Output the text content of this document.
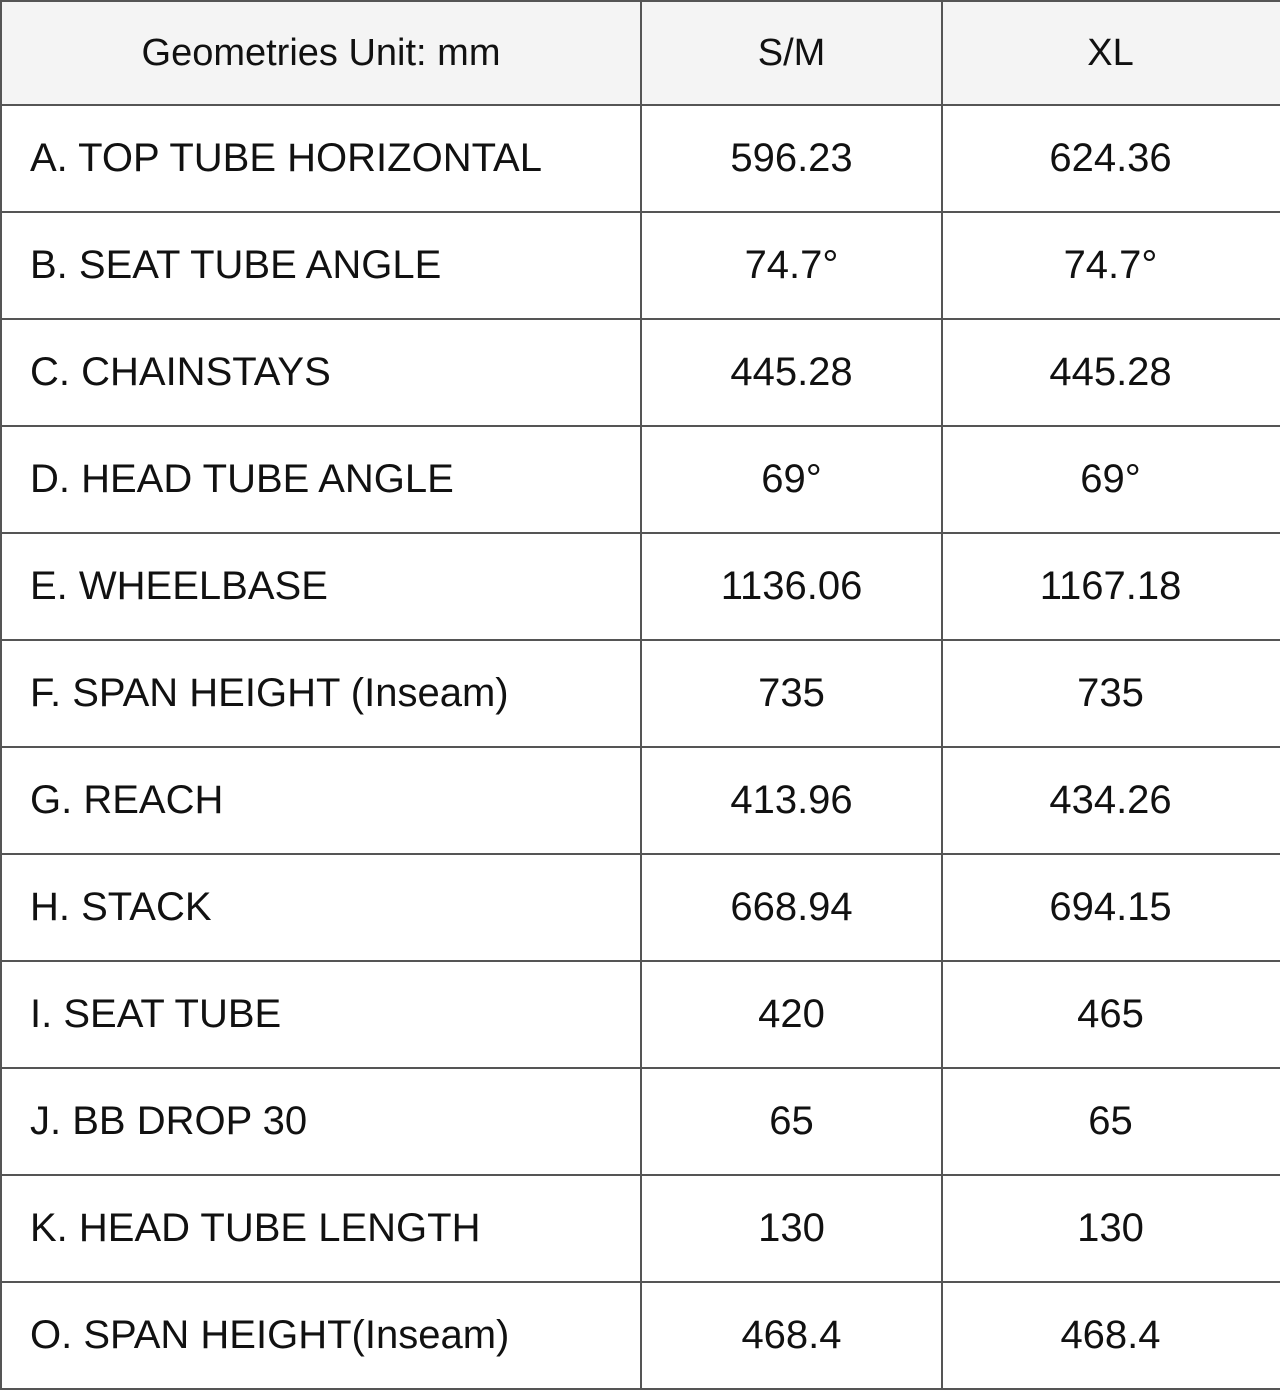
Geometries Unit: mm	S/M	XL
A. TOP TUBE HORIZONTAL	596.23	624.36
B. SEAT TUBE ANGLE	74.7°	74.7°
C. CHAINSTAYS	445.28	445.28
D. HEAD TUBE ANGLE	69°	69°
E. WHEELBASE	1136.06	1167.18
F. SPAN HEIGHT (Inseam)	735	735
G. REACH	413.96	434.26
H. STACK	668.94	694.15
I. SEAT TUBE	420	465
J. BB DROP 30	65	65
K. HEAD TUBE LENGTH	130	130
O. SPAN HEIGHT(Inseam)	468.4	468.4
